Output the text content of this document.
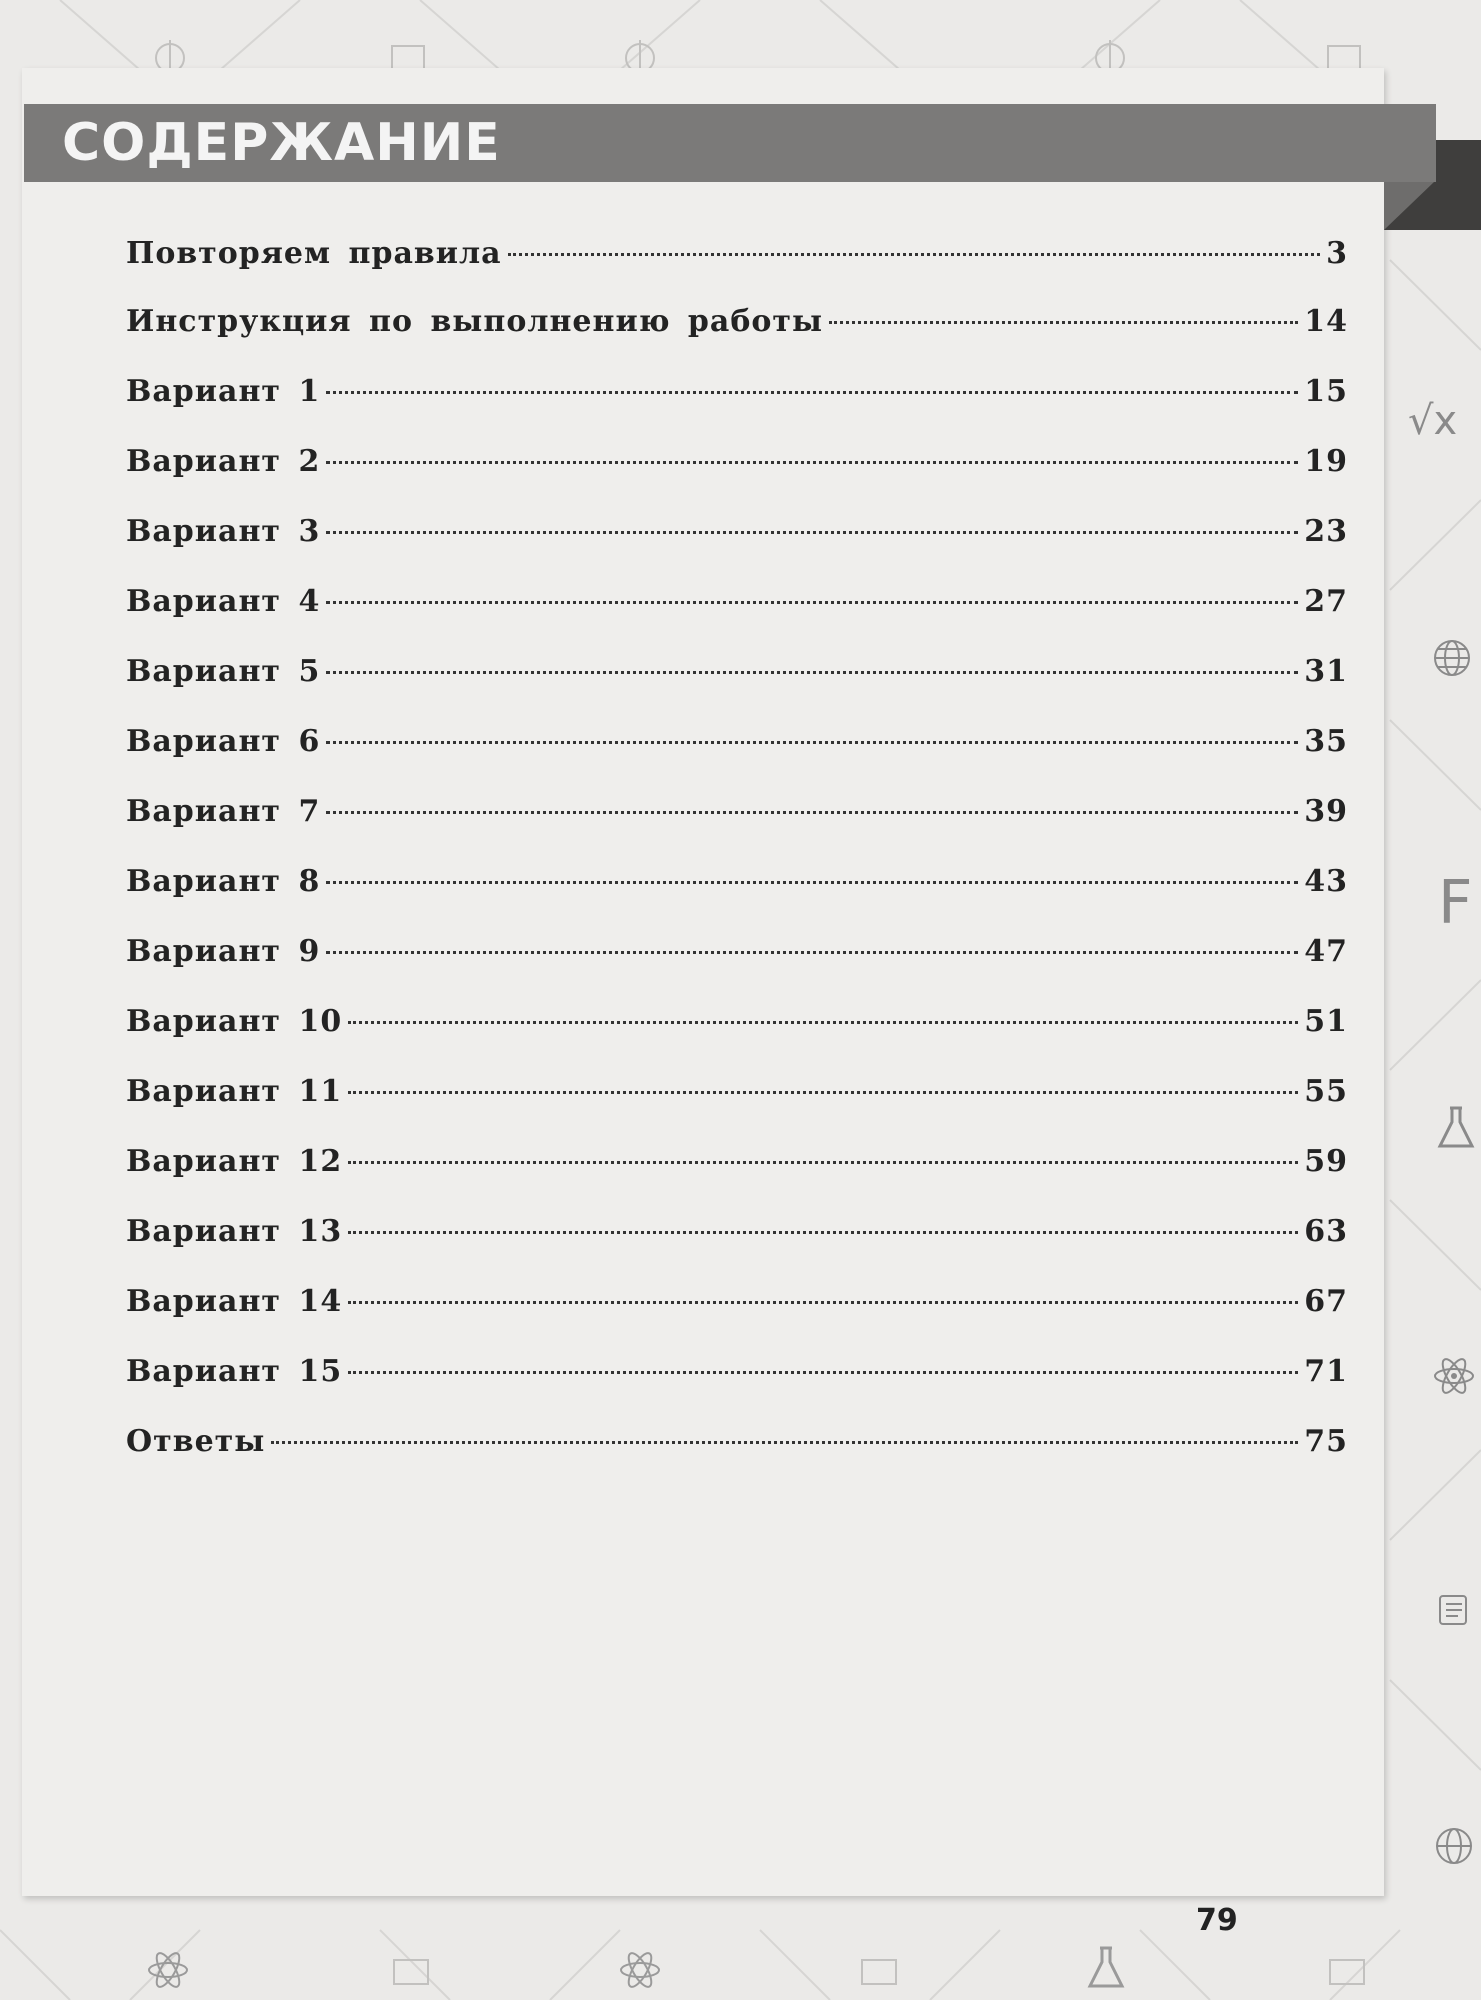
СОДЕРЖАНИЕ
Повторяем правила	3
Инструкция по выполнению работы	14
Вариант 1	15
Вариант 2	19
Вариант 3	23
Вариант 4	27
Вариант 5	31
Вариант 6	35
Вариант 7	39
Вариант 8	43
Вариант 9	47
Вариант 10	51
Вариант 11	55
Вариант 12	59
Вариант 13	63
Вариант 14	67
Вариант 15	71
Ответы	75
79
√x
F
